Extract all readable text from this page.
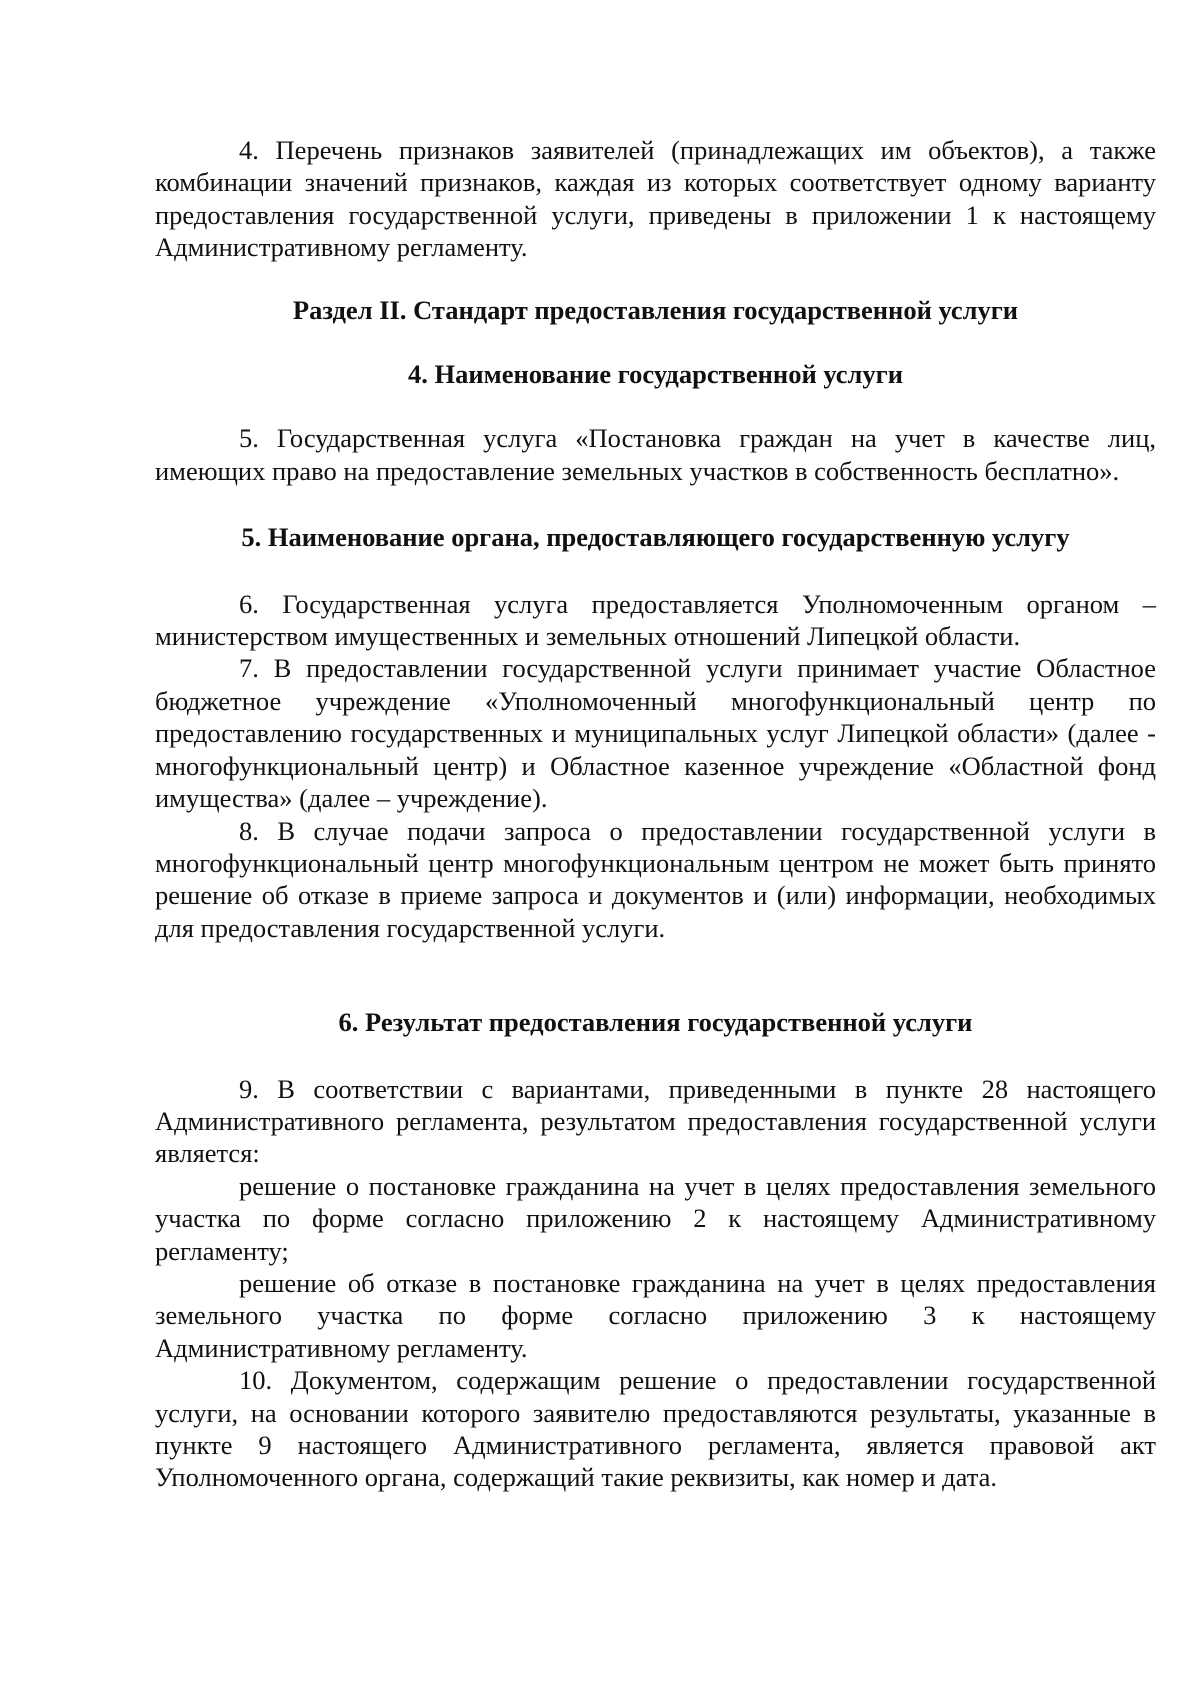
4. Перечень признаков заявителей (принадлежащих им объектов), а также комбинации значений признаков, каждая из которых соответствует одному варианту предоставления государственной услуги, приведены в приложении 1 к настоящему Административному регламенту.

Раздел II. Стандарт предоставления государственной услуги

4. Наименование государственной услуги

5. Государственная услуга «Постановка граждан на учет в качестве лиц, имеющих право на предоставление земельных участков в собственность бесплатно».

5. Наименование органа, предоставляющего государственную услугу

6. Государственная услуга предоставляется Уполномоченным органом – министерством имущественных и земельных отношений Липецкой области.

7. В предоставлении государственной услуги принимает участие Областное бюджетное учреждение «Уполномоченный многофункциональный центр по предоставлению государственных и муниципальных услуг Липецкой области» (далее - многофункциональный центр) и Областное казенное учреждение «Областной фонд имущества» (далее – учреждение).

8. В случае подачи запроса о предоставлении государственной услуги в многофункциональный центр многофункциональным центром не может быть принято решение об отказе в приеме запроса и документов и (или) информации, необходимых для предоставления государственной услуги.

6. Результат предоставления государственной услуги

9. В соответствии с вариантами, приведенными в пункте 28 настоящего Административного регламента, результатом предоставления государственной услуги является:

решение о постановке гражданина на учет в целях предоставления земельного участка по форме согласно приложению 2 к настоящему Административному регламенту;

решение об отказе в постановке гражданина на учет в целях предоставления земельного участка по форме согласно приложению 3 к настоящему Административному регламенту.

10. Документом, содержащим решение о предоставлении государственной услуги, на основании которого заявителю предоставляются результаты, указанные в пункте 9 настоящего Административного регламента, является правовой акт Уполномоченного органа, содержащий такие реквизиты, как номер и дата.
